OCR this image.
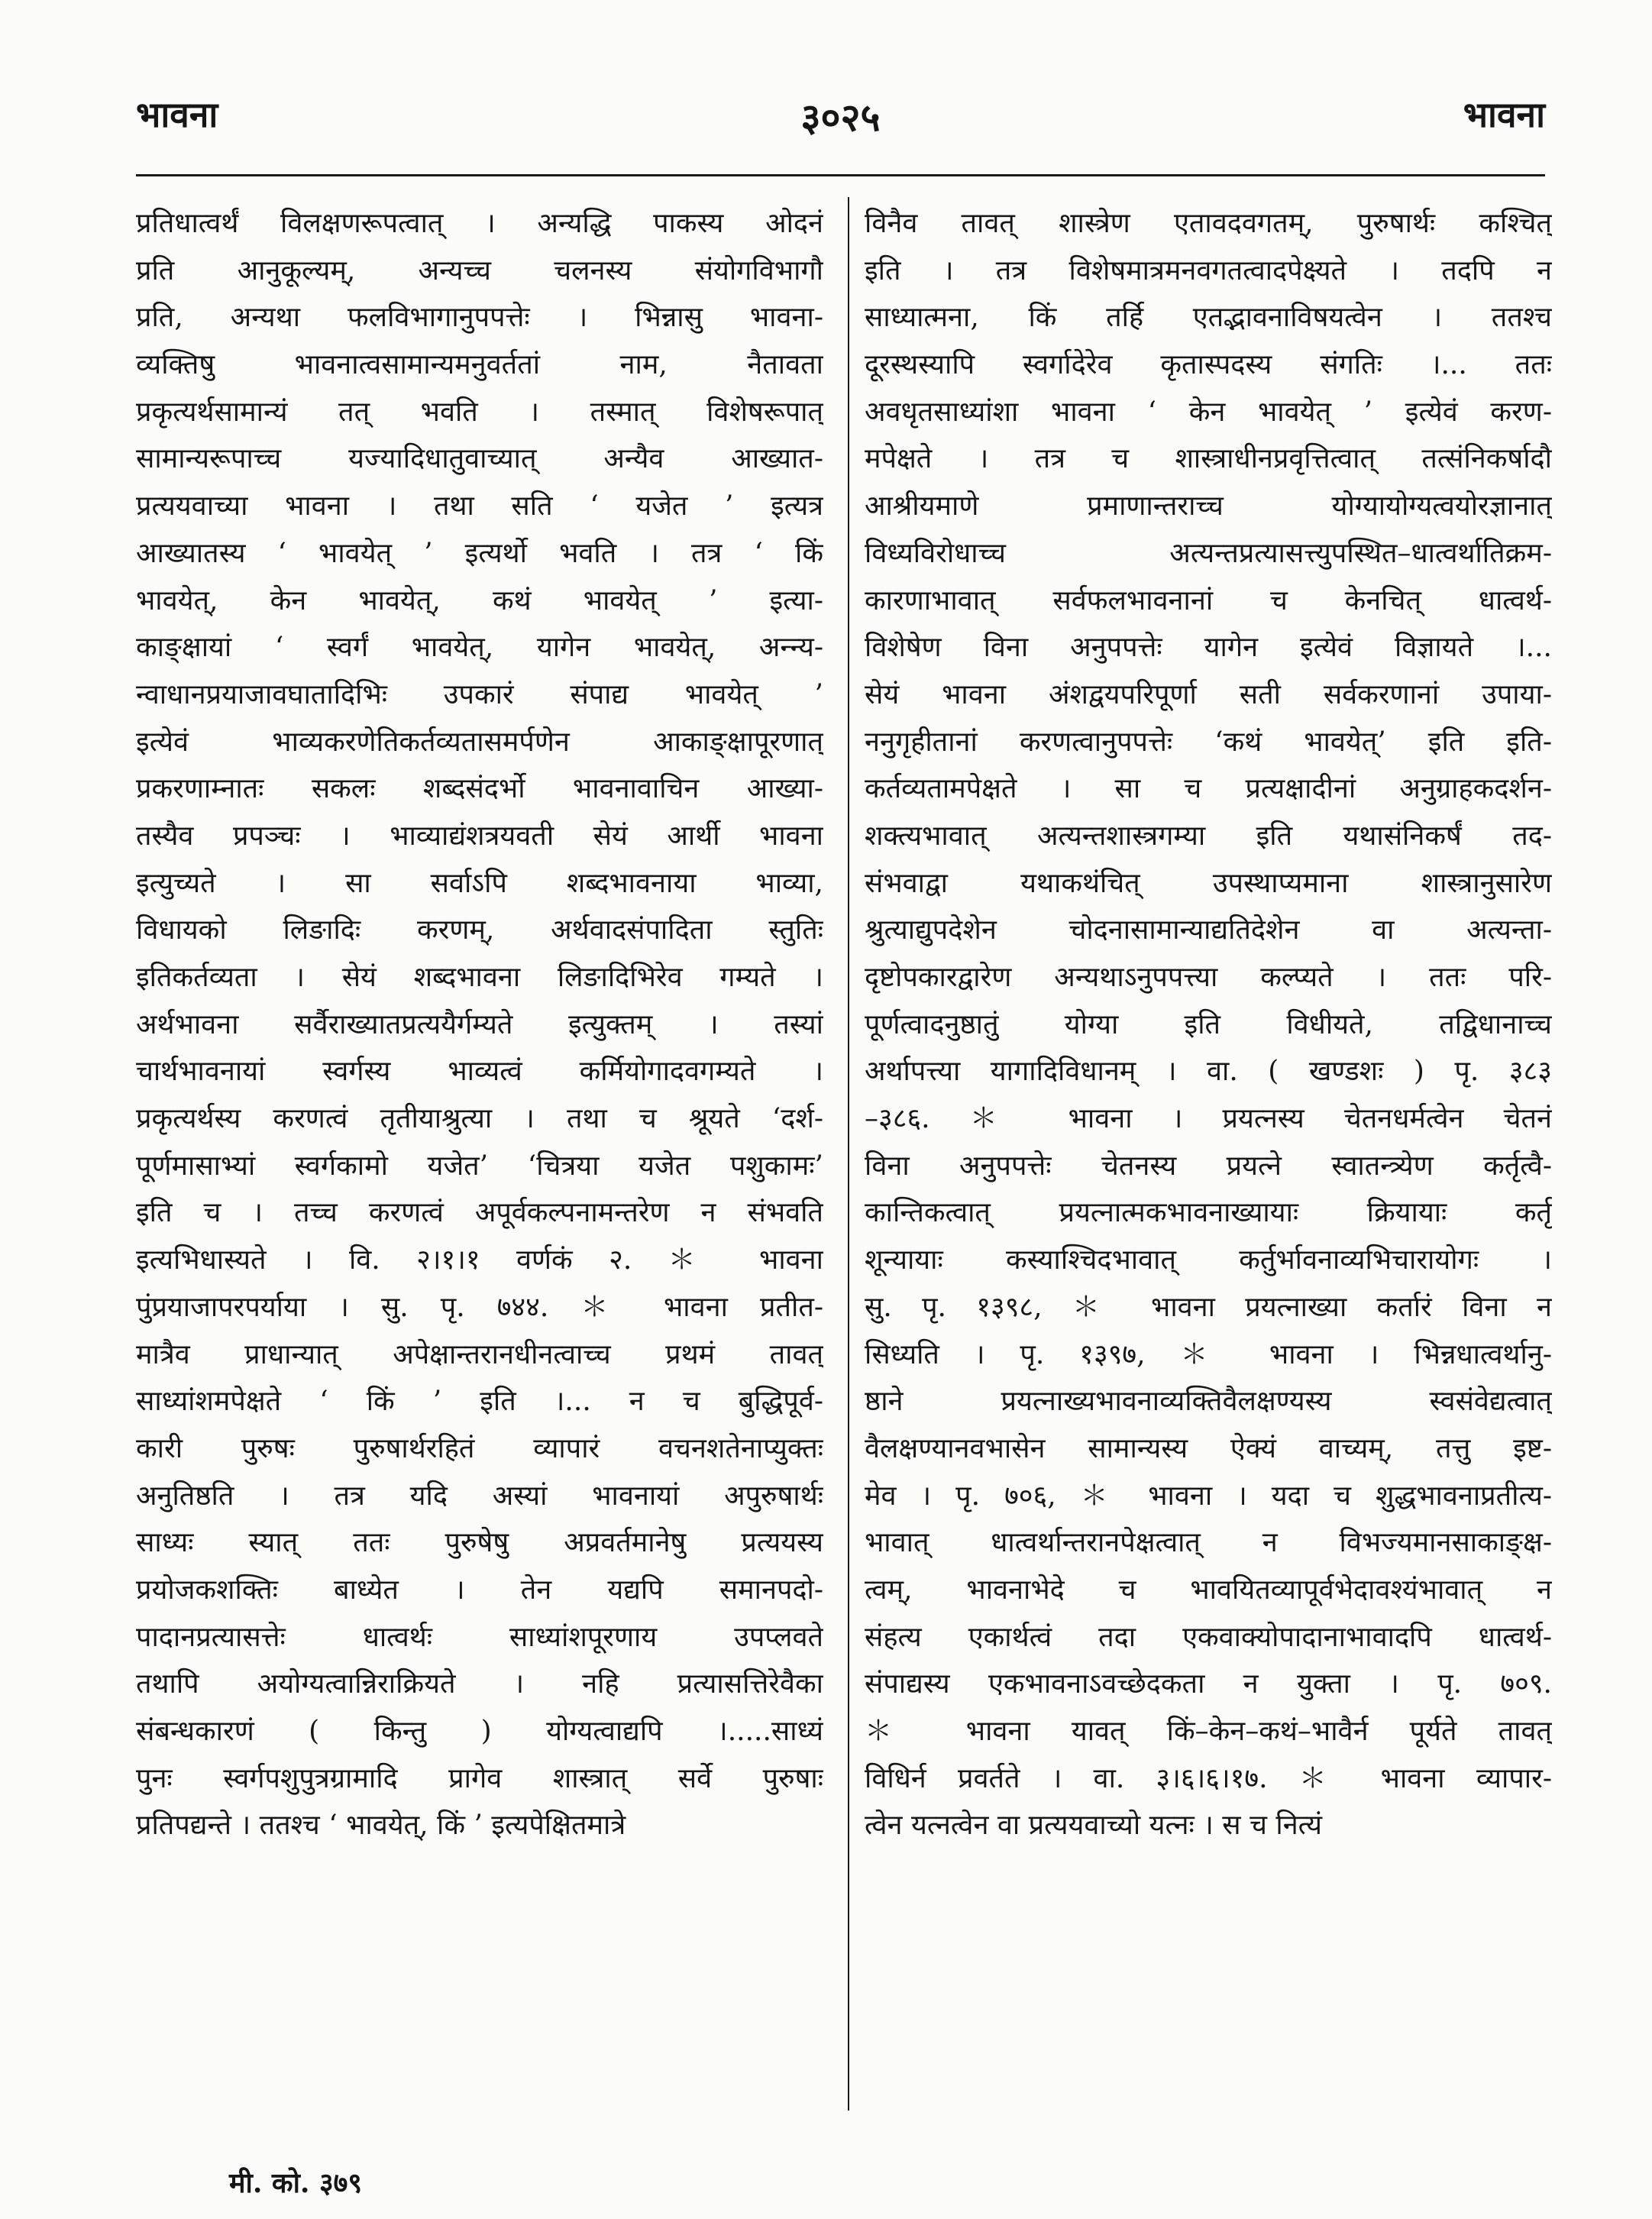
भावना	३०२५	भावना
प्रतिधात्वर्थं विलक्षणरूपत्वात् । अन्यद्धि पाकस्य ओदनं
प्रति आनुकूल्यम्, अन्यच्च चलनस्य संयोगविभागौ
प्रति, अन्यथा फलविभागानुपपत्तेः । भिन्नासु भावना-
व्यक्तिषु भावनात्वसामान्यमनुवर्ततां नाम, नैतावता
प्रकृत्यर्थसामान्यं तत् भवति । तस्मात् विशेषरूपात्
सामान्यरूपाच्च यज्यादिधातुवाच्यात् अन्यैव आख्यात-
प्रत्ययवाच्या भावना । तथा सति ‘ यजेत ’ इत्यत्र
आख्यातस्य ‘ भावयेत् ’ इत्यर्थो भवति । तत्र ‘ किं
भावयेत्, केन भावयेत्, कथं भावयेत् ’ इत्या-
काङ्क्षायां ‘ स्वर्गं भावयेत्, यागेन भावयेत्, अन्न्य-
न्वाधानप्रयाजावघातादिभिः उपकारं संपाद्य भावयेत् ’
इत्येवं भाव्यकरणेतिकर्तव्यतासमर्पणेन आकाङ्क्षापूरणात्
प्रकरणाम्नातः सकलः शब्दसंदर्भो भावनावाचिन आख्या-
तस्यैव प्रपञ्चः । भाव्याद्यंशत्रयवती सेयं आर्थी भावना
इत्युच्यते । सा सर्वाऽपि शब्दभावनाया भाव्या,
विधायको लिङादिः करणम्, अर्थवादसंपादिता स्तुतिः
इतिकर्तव्यता । सेयं शब्दभावना लिङादिभिरेव गम्यते ।
अर्थभावना सर्वैराख्यातप्रत्ययैर्गम्यते इत्युक्तम् । तस्यां
चार्थभावनायां स्वर्गस्य भाव्यत्वं कर्मियोगादवगम्यते ।
प्रकृत्यर्थस्य करणत्वं तृतीयाश्रुत्या । तथा च श्रूयते ‘दर्श-
पूर्णमासाभ्यां स्वर्गकामो यजेत’ ‘चित्रया यजेत पशुकामः’
इति च । तच्च करणत्वं अपूर्वकल्पनामन्तरेण न संभवति
इत्यभिधास्यते । वि. २।१।१ वर्णकं २. ＊ भावना
पुंप्रयाजापरपर्याया । सु. पृ. ७४४. ＊ भावना प्रतीत-
मात्रैव प्राधान्यात् अपेक्षान्तरानधीनत्वाच्च प्रथमं तावत्
साध्यांशमपेक्षते ‘ किं ’ इति ।... न च बुद्धिपूर्व-
कारी पुरुषः पुरुषार्थरहितं व्यापारं वचनशतेनाप्युक्तः
अनुतिष्ठति । तत्र यदि अस्यां भावनायां अपुरुषार्थः
साध्यः स्यात् ततः पुरुषेषु अप्रवर्तमानेषु प्रत्ययस्य
प्रयोजकशक्तिः बाध्येत । तेन यद्यपि समानपदो-
पादानप्रत्यासत्तेः धात्वर्थः साध्यांशपूरणाय उपप्लवते
तथापि अयोग्यत्वान्निराक्रियते । नहि प्रत्यासत्तिरेवैका
संबन्धकारणं ( किन्तु ) योग्यत्वाद्यपि ।.....साध्यं
पुनः स्वर्गपशुपुत्रग्रामादि प्रागेव शास्त्रात् सर्वे पुरुषाः
प्रतिपद्यन्ते । ततश्च ‘ भावयेत्, किं ’ इत्यपेक्षितमात्रे
विनैव तावत् शास्त्रेण एतावदवगतम्, पुरुषार्थः कश्चित्
इति । तत्र विशेषमात्रमनवगतत्वादपेक्ष्यते । तदपि न
साध्यात्मना, किं तर्हि एतद्भावनाविषयत्वेन । ततश्च
दूरस्थस्यापि स्वर्गादेरेव कृतास्पदस्य संगतिः ।... ततः
अवधृतसाध्यांशा भावना ‘ केन भावयेत् ’ इत्येवं करण-
मपेक्षते । तत्र च शास्त्राधीनप्रवृत्तित्वात् तत्संनिकर्षादौ
आश्रीयमाणे प्रमाणान्तराच्च योग्यायोग्यत्वयोरज्ञानात्
विध्यविरोधाच्च अत्यन्तप्रत्यासत्त्युपस्थित–धात्वर्थातिक्रम-
कारणाभावात् सर्वफलभावनानां च केनचित् धात्वर्थ-
विशेषेण विना अनुपपत्तेः यागेन इत्येवं विज्ञायते ।...
सेयं भावना अंशद्वयपरिपूर्णा सती सर्वकरणानां उपाया-
ननुगृहीतानां करणत्वानुपपत्तेः ‘कथं भावयेत्’ इति इति-
कर्तव्यतामपेक्षते । सा च प्रत्यक्षादीनां अनुग्राहकदर्शन-
शक्त्यभावात् अत्यन्तशास्त्रगम्या इति यथासंनिकर्षं तद-
संभवाद्वा यथाकथंचित् उपस्थाप्यमाना शास्त्रानुसारेण
श्रुत्याद्युपदेशेन चोदनासामान्याद्यतिदेशेन वा अत्यन्ता-
दृष्टोपकारद्वारेण अन्यथाऽनुपपत्त्या कल्प्यते । ततः परि-
पूर्णत्वादनुष्ठातुं योग्या इति विधीयते, तद्विधानाच्च
अर्थापत्त्या यागादिविधानम् । वा. ( खण्डशः ) पृ. ३८३
–३८६. ＊ भावना । प्रयत्नस्य चेतनधर्मत्वेन चेतनं
विना अनुपपत्तेः चेतनस्य प्रयत्ने स्वातन्त्र्येण कर्तृत्वै-
कान्तिकत्वात् प्रयत्नात्मकभावनाख्यायाः क्रियायाः कर्तृ
शून्यायाः कस्याश्चिदभावात् कर्तुर्भावनाव्यभिचारायोगः ।
सु. पृ. १३९८, ＊ भावना प्रयत्नाख्या कर्तारं विना न
सिध्यति । पृ. १३९७, ＊ भावना । भिन्नधात्वर्थानु-
ष्ठाने प्रयत्नाख्यभावनाव्यक्तिवैलक्षण्यस्य स्वसंवेद्यत्वात्
वैलक्षण्यानवभासेन सामान्यस्य ऐक्यं वाच्यम्, तत्तु इष्ट-
मेव । पृ. ७०६, ＊ भावना । यदा च शुद्धभावनाप्रतीत्य-
भावात् धात्वर्थान्तरानपेक्षत्वात् न विभज्यमानसाकाङ्क्ष-
त्वम्, भावनाभेदे च भावयितव्यापूर्वभेदावश्यंभावात् न
संहत्य एकार्थत्वं तदा एकवाक्योपादानाभावादपि धात्वर्थ-
संपाद्यस्य एकभावनाऽवच्छेदकता न युक्ता । पृ. ७०९.
＊ भावना यावत् किं–केन–कथं–भावैर्न पूर्यते तावत्
विधिर्न प्रवर्तते । वा. ३।६।६।१७. ＊ भावना व्यापार-
त्वेन यत्नत्वेन वा प्रत्ययवाच्यो यत्नः । स च नित्यं
मी. को. ३७९
